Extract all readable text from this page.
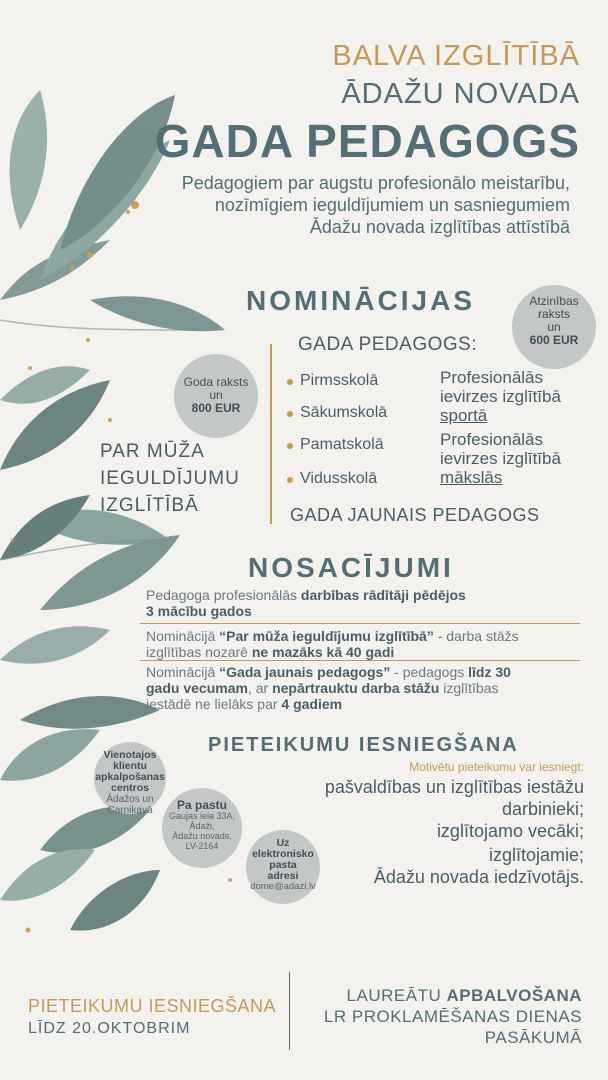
BALVA IZGLĪTĪBĀ
ĀDAŽU NOVADA
GADA PEDAGOGS
Pedagogiem par augstu profesionālo meistarību,
nozīmīgiem ieguldījumiem un sasniegumiem
Ādažu novada izglītības attīstībā
NOMINĀCIJAS	Atzinības
raksts
un
600 EUR
Goda raksts
un
800 EUR
GADA PEDAGOGS:
Pirmsskolā
Sākumskolā
Pamatskolā
Vidusskolā
Profesionālās
ievirzes izglītībā
sportā
Profesionālās
ievirzes izglītībā
mākslās
PAR MŪŽA
IEGULDĪJUMU
IZGLĪTĪBĀ	GADA JAUNAIS PEDAGOGS
NOSACĪJUMI
Pedagoga profesionālās darbības rādītāji pēdējos
3 mācību gados
Nominācijā “Par mūža ieguldījumu izglītībā” - darba stāžs
izglītības nozarē ne mazāks kā 40 gadi
Nominācijā “Gada jaunais pedagogs” - pedagogs līdz 30
gadu vecumam, ar nepārtrauktu darba stāžu izglītības
iestādē ne lielāks par 4 gadiem
PIETEIKUMU IESNIEGŠANA
Motivētu pieteikumu var iesniegt:
pašvaldības un izglītības iestāžu
darbinieki;
izglītojamo vecāki;
izglītojamie;
Ādažu novada iedzīvotājs.
Vienotajos
klientu
apkalpošanas
centros
Ādažos un
Carnikavā	Pa pastu
Gaujas iela 33A,
Ādaži,
Ādažu novads,
LV-2164	Uz
elektronisko
pasta
adresi
dome@adazi.lv
PIETEIKUMU IESNIEGŠANA
LĪDZ 20.OKTOBRIM
LAUREĀTU APBALVOŠANA
LR PROKLAMĒŠANAS DIENAS
PASĀKUMĀ
